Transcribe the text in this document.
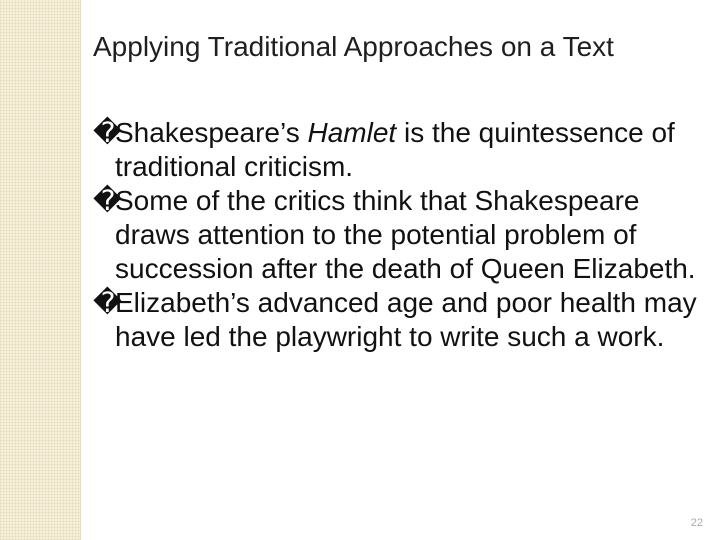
Applying Traditional Approaches on a Text
�
Shakespeare’s Hamlet is the quintessence of traditional criticism.
�
Some of the critics think that Shakespeare draws attention to the potential problem of succession after the death of Queen Elizabeth.
�
Elizabeth’s advanced age and poor health may have led the playwright to write such a work.
22
